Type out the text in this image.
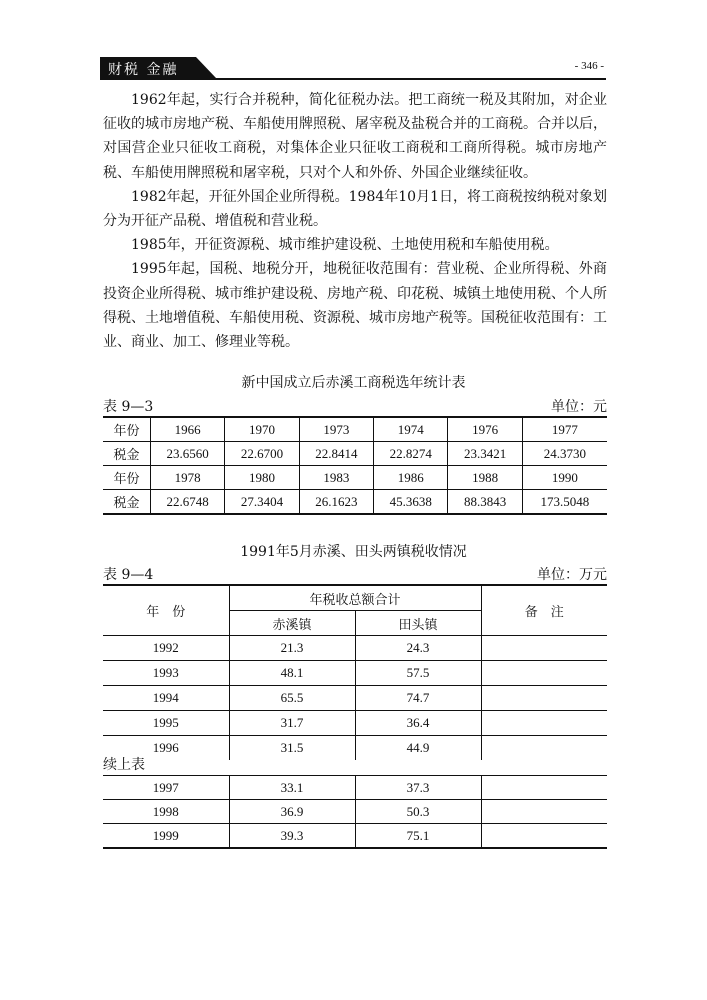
财税 金融	- 346 -

1962年起，实行合并税种，简化征税办法。把工商统一税及其附加，对企业征收的城市房地产税、车船使用牌照税、屠宰税及盐税合并的工商税。合并以后，对国营企业只征收工商税，对集体企业只征收工商税和工商所得税。城市房地产税、车船使用牌照税和屠宰税，只对个人和外侨、外国企业继续征收。

1982年起，开征外国企业所得税。1984年10月1日，将工商税按纳税对象划分为开征产品税、增值税和营业税。

1985年，开征资源税、城市维护建设税、土地使用税和车船使用税。

1995年起，国税、地税分开，地税征收范围有：营业税、企业所得税、外商投资企业所得税、城市维护建设税、房地产税、印花税、城镇土地使用税、个人所得税、土地增值税、车船使用税、资源税、城市房地产税等。国税征收范围有：工业、商业、加工、修理业等税。

新中国成立后赤溪工商税选年统计表
表 9—3	单位：元
年份	1966	1970	1973	1974	1976	1977
税金	23.6560	22.6700	22.8414	22.8274	23.3421	24.3730
年份	1978	1980	1983	1986	1988	1990
税金	22.6748	27.3404	26.1623	45.3638	88.3843	173.5048
1991年5月赤溪、田头两镇税收情况
表 9—4	单位：万元
年　份	年税收总额合计		备　注
	赤溪镇	田头镇	
1992	21.3	24.3	
1993	48.1	57.5	
1994	65.5	74.7	
1995	31.7	36.4	
1996	31.5	44.9	
续上表
1997	33.1	37.3	
1998	36.9	50.3	
1999	39.3	75.1	
